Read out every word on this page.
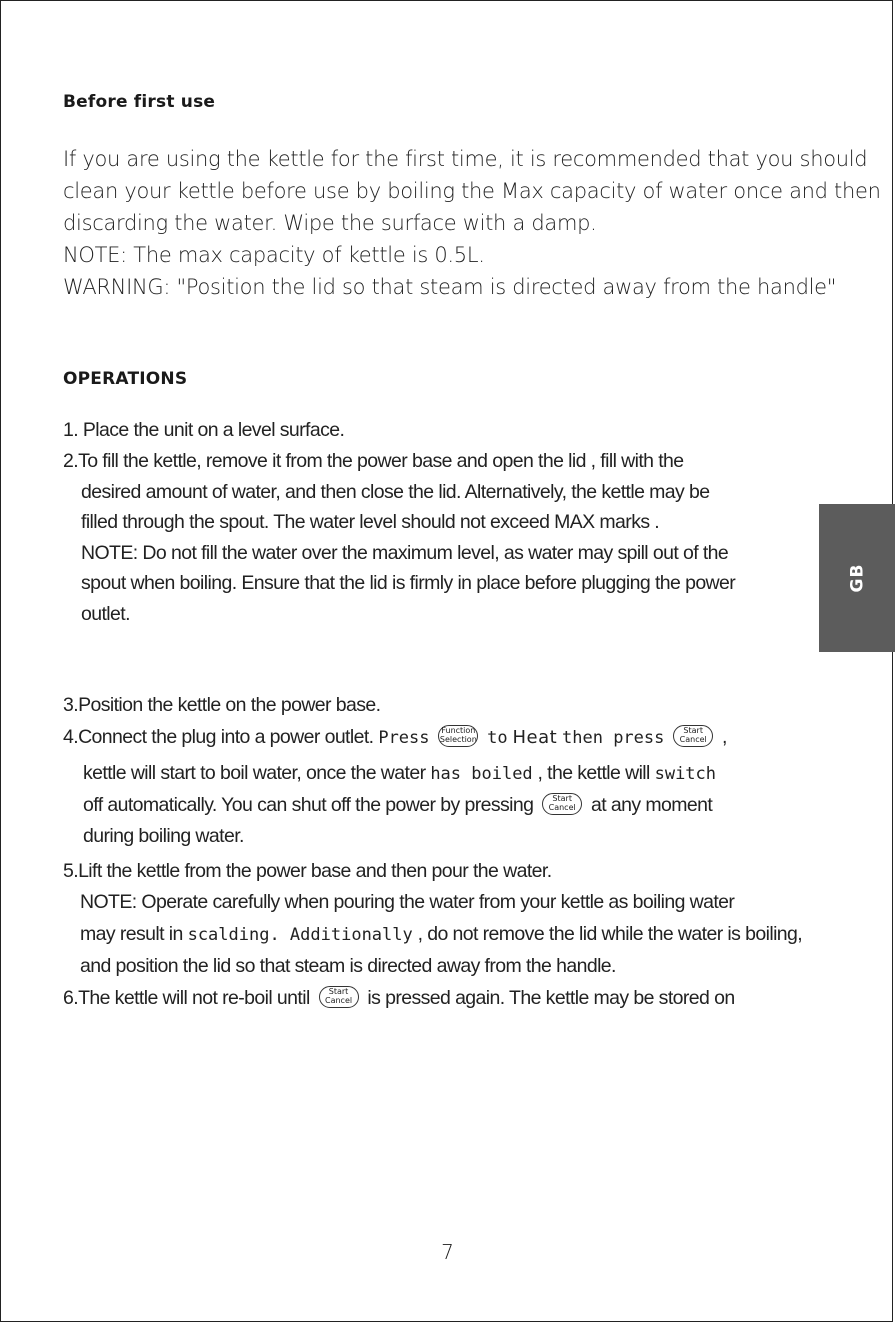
Before first use
If you are using the kettle for the first time, it is recommended that you should
clean your kettle before use by boiling the Max capacity of water once and then
discarding the water. Wipe the surface with a damp.
NOTE: The max capacity of kettle is 0.5L.
WARNING: "Position the lid so that steam is directed away from the handle"
OPERATIONS
1. Place the unit on a level surface.
2.To fill the kettle, remove it from the power base and open the lid , fill with the
desired amount of water, and then close the lid. Alternatively, the kettle may be
filled through the spout. The water level should not exceed MAX marks .
NOTE: Do not fill the water over the maximum level, as water may spill out of the
spout when boiling. Ensure that the lid is firmly in place before plugging the power
outlet.
3.Position the kettle on the power base.
4.Connect the plug into a power outlet. Press Function
Selection to Heat then press	Start
Cancel ,
kettle will start to boil water, once the water has boiled , the kettle will switch
off automatically. You can shut off the power by pressing	Start
Cancel at any moment
during boiling water.
5.Lift the kettle from the power base and then pour the water.
NOTE: Operate carefully when pouring the water from your kettle as boiling water
may result in scalding. Additionally , do not remove the lid while the water is boiling,
and position the lid so that steam is directed away from the handle.
6.The kettle will not re-boil until	Start
Cancel is pressed again. The kettle may be stored on
GB
7
